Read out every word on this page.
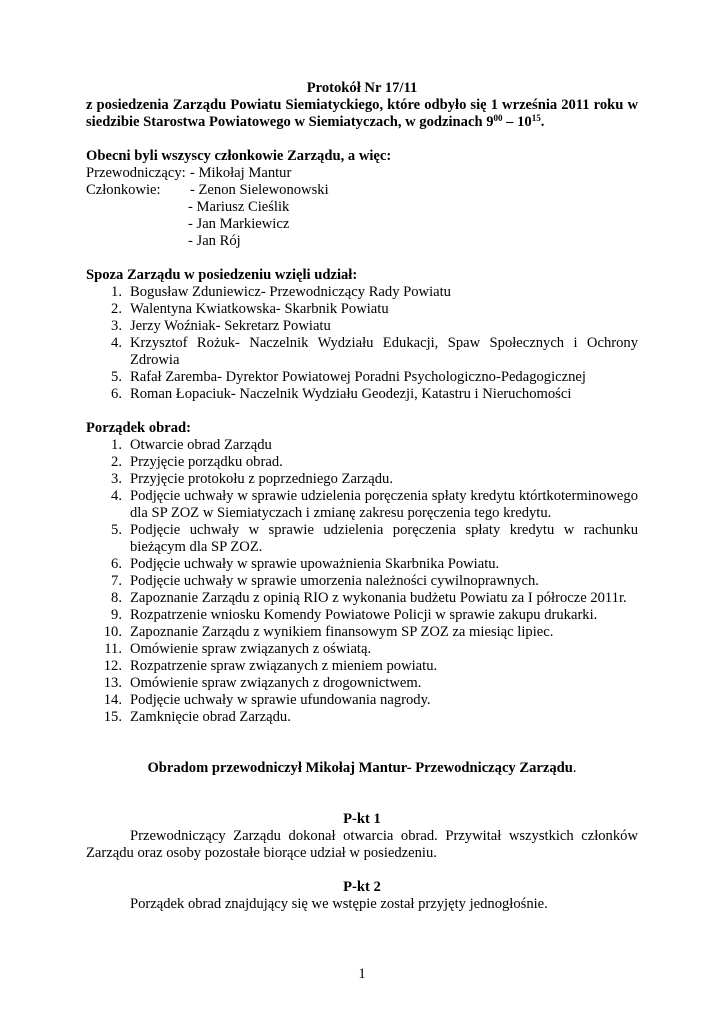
Protokół Nr 17/11

z posiedzenia Zarządu Powiatu Siemiatyckiego, które odbyło się 1 września 2011 roku w siedzibie Starostwa Powiatowego w Siemiatyczach, w godzinach $9^{00} - 10^{15}$.

Obecni byli wszyscy członkowie Zarządu, a więc:

Przewodniczący: - Mikołaj Mantur
Członkowie:	- Zenon Sielewonowski

- Mariusz Cieślik

- Jan Markiewicz

- Jan Rój

Spoza Zarządu w posiedzeniu wzięli udział:

1. Bogusław Zduniewicz- Przewodniczący Rady Powiatu
2. Walentyna Kwiatkowska- Skarbnik Powiatu
3. Jerzy Woźniak- Sekretarz Powiatu
4. Krzysztof Rożuk- Naczelnik Wydziału Edukacji, Spaw Społecznych i Ochrony Zdrowia
5. Rafał Zaremba- Dyrektor Powiatowej Poradni Psychologiczno-Pedagogicznej
6. Roman Łopaciuk- Naczelnik Wydziału Geodezji, Katastru i Nieruchomości

Porządek obrad:

1. Otwarcie obrad Zarządu
2. Przyjęcie porządku obrad.
3. Przyjęcie protokołu z poprzedniego Zarządu.
4. Podjęcie uchwały w sprawie udzielenia poręczenia spłaty kredytu którtkoterminowego dla SP ZOZ w Siemiatyczach i zmianę zakresu poręczenia tego kredytu.
5. Podjęcie uchwały w sprawie udzielenia poręczenia spłaty kredytu w rachunku bieżącym dla SP ZOZ.
6. Podjęcie uchwały w sprawie upoważnienia Skarbnika Powiatu.
7. Podjęcie uchwały w sprawie umorzenia należności cywilnoprawnych.
8. Zapoznanie Zarządu z opinią RIO z wykonania budżetu Powiatu za I półrocze 2011r.
9. Rozpatrzenie wniosku Komendy Powiatowe Policji w sprawie zakupu drukarki.
10. Zapoznanie Zarządu z wynikiem finansowym SP ZOZ za miesiąc lipiec.
11. Omówienie spraw związanych z oświatą.
12. Rozpatrzenie spraw związanych z mieniem powiatu.
13. Omówienie spraw związanych z drogownictwem.
14. Podjęcie uchwały w sprawie ufundowania nagrody.
15. Zamknięcie obrad Zarządu.

Obradom przewodniczył Mikołaj Mantur- Przewodniczący Zarządu.

P-kt 1

Przewodniczący Zarządu dokonał otwarcia obrad. Przywitał wszystkich członków Zarządu oraz osoby pozostałe biorące udział w posiedzeniu.

P-kt 2

Porządek obrad znajdujący się we wstępie został przyjęty jednogłośnie.

1
